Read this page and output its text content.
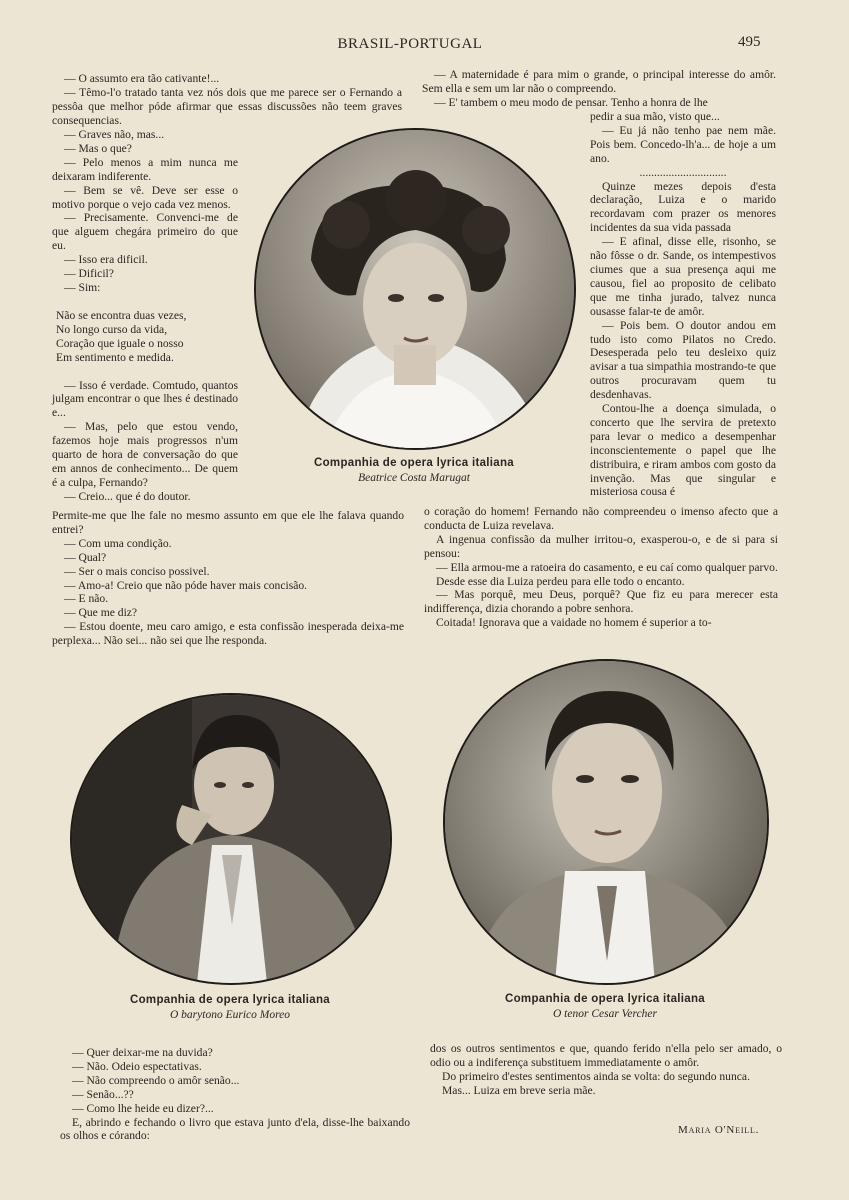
BRASIL-PORTUGAL	495

— O assumto era tão cativante!...

— Têmo-l'o tratado tanta vez nós dois que me parece ser o Fernando a pessôa que melhor póde afirmar que essas discussões não teem graves consequencias.

— Graves não, mas...

— Mas o que?

— Pelo menos a mim nunca me deixaram indiferente.

— Bem se vê. Deve ser esse o motivo porque o vejo cada vez menos.

— Precisamente. Convenci-me de que alguem chegára primeiro do que eu.

— Isso era dificil.

— Dificil?

— Sim:

Não se encontra duas vezes,

No longo curso da vida,

Coração que iguale o nosso

Em sentimento e medida.

— Isso é verdade. Comtudo, quantos julgam encontrar o que lhes é destinado e...

— Mas, pelo que estou vendo, fazemos hoje mais progressos n'um quarto de hora de conversação do que em annos de conhecimento... De quem é a culpa, Fernando?

— Creio... que é do doutor.

Permite-me que lhe fale no mesmo assunto em que ele lhe falava quando entrei?

— Com uma condição.

— Qual?

— Ser o mais conciso possivel.

— Amo-a! Creio que não póde haver mais concisão.

— E não.

— Que me diz?

— Estou doente, meu caro amigo, e esta confissão inesperada deixa-me perplexa... Não sei... não sei que lhe responda.

— A maternidade é para mim o grande, o principal interesse do amôr. Sem ella e sem um lar não o compreendo.

— E' tambem o meu modo de pensar. Tenho a honra de lhe

pedir a sua mão, visto que...

— Eu já não tenho pae nem mãe. Pois bem. Concedo-lh'a... de hoje a um ano.

..............................

Quinze mezes depois d'esta declaração, Luiza e o marido recordavam com prazer os menores incidentes da sua vida passada

— E afinal, disse elle, risonho, se não fôsse o dr. Sande, os intempestivos ciumes que a sua presença aqui me causou, fiel ao proposito de celibato que me tinha jurado, talvez nunca ousasse falar-te de amôr.

— Pois bem. O doutor andou em tudo isto como Pilatos no Credo. Desesperada pelo teu desleixo quiz avisar a tua simpathia mostrando-te que outros procuravam quem tu desdenhavas.

Contou-lhe a doença simulada, o concerto que lhe servira de pretexto para levar o medico a desempenhar inconscientemente o papel que lhe distribuira, e riram ambos com gosto da invenção. Mas que singular e misteriosa cousa é

o coração do homem! Fernando não compreendeu o imenso afecto que a conducta de Luiza revelava.

A ingenua confissão da mulher irritou-o, exasperou-o, e de si para si pensou:

— Ella armou-me a ratoeira do casamento, e eu caí como qualquer parvo.

Desde esse dia Luiza perdeu para elle todo o encanto.

— Mas porquê, meu Deus, porquê? Que fiz eu para merecer esta indifferença, dizia chorando a pobre senhora.

Coitada! Ignorava que a vaidade no homem é superior a to-

Companhia de opera lyrica italiana
Beatrice Costa Marugat
Companhia de opera lyrica italiana
O barytono Eurico Moreo
Companhia de opera lyrica italiana
O tenor Cesar Vercher

— Quer deixar-me na duvida?

— Não. Odeio espectativas.

— Não compreendo o amôr senão...

— Senão...??

— Como lhe heide eu dizer?...

E, abrindo e fechando o livro que estava junto d'ela, disse-lhe baixando os olhos e córando:

dos os outros sentimentos e que, quando ferido n'ella pelo ser amado, o odio ou a indiferença substituem immediatamente o amôr.

Do primeiro d'estes sentimentos ainda se volta: do segundo nunca.

Mas... Luiza em breve seria mãe.

Maria O'Neill.
